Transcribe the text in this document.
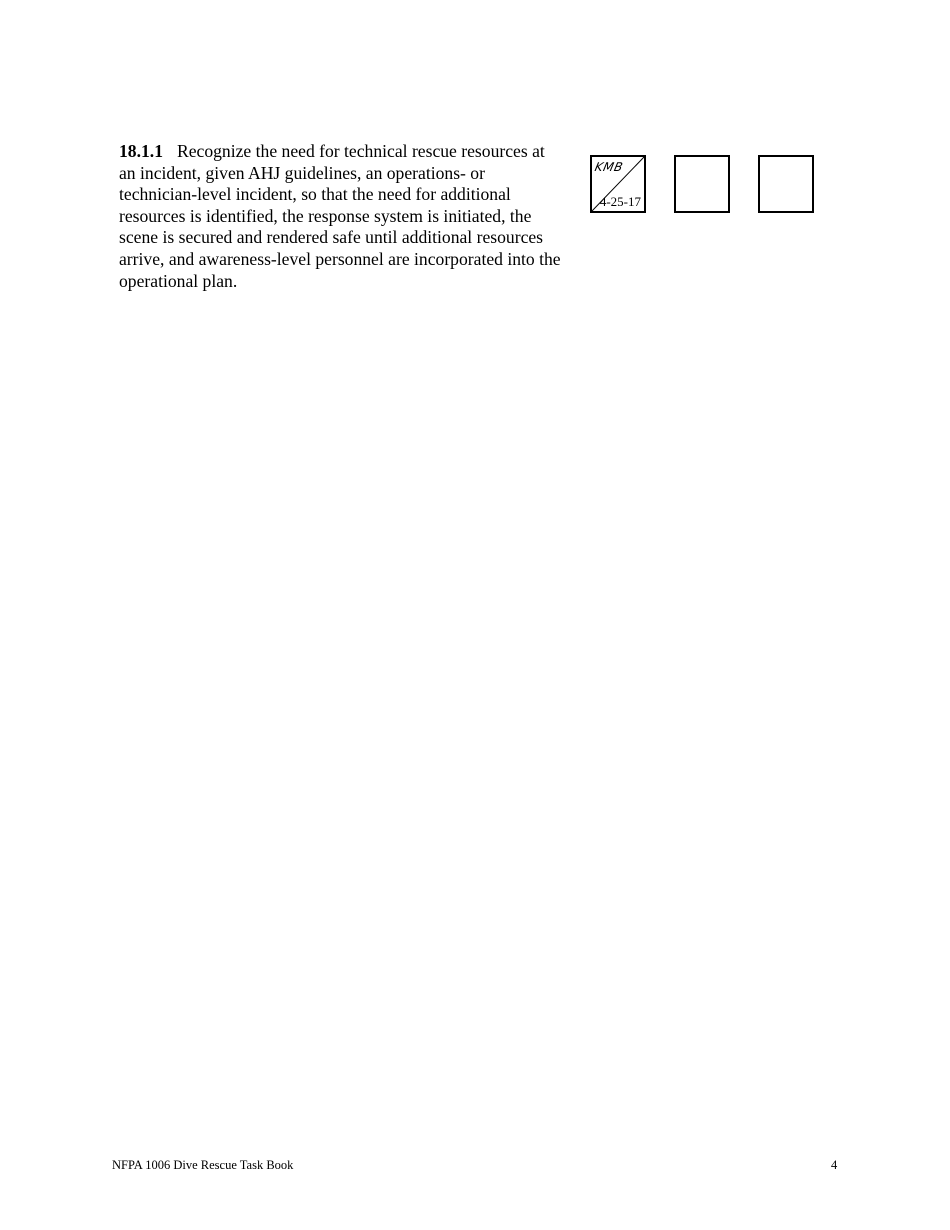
18.1.1 Recognize the need for technical rescue resources at an incident, given AHJ guidelines, an operations- or technician-level incident, so that the need for additional resources is identified, the response system is initiated, the scene is secured and rendered safe until additional resources arrive, and awareness-level personnel are incorporated into the operational plan.

KMB
4-25-17
NFPA 1006 Dive Rescue Task Book	4
